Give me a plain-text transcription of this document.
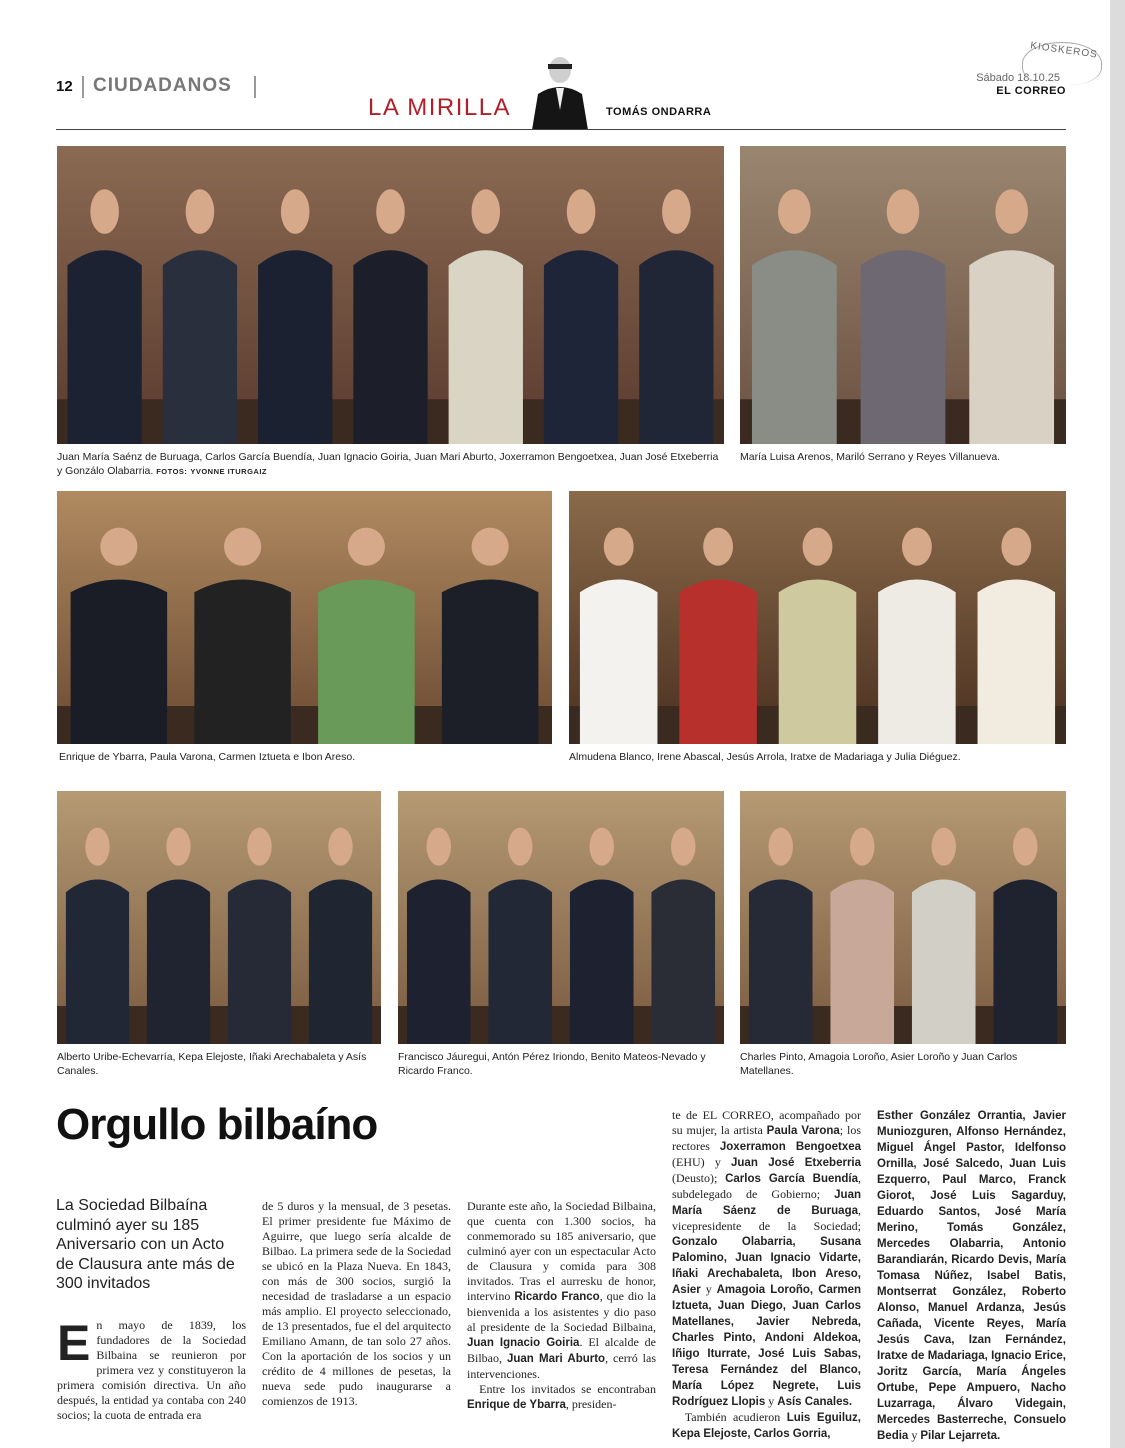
12 CIUDADANOS
LA MIRILLA	TOMÁS ONDARRA
Sábado 18.10.25
EL CORREO
KIOSKEROS
Juan María Saénz de Buruaga, Carlos García Buendía, Juan Ignacio Goiria, Juan Mari Aburto, Joxerramon Bengoetxea, Juan José Etxeberria y Gonzálo Olabarria. FOTOS: YVONNE ITURGAIZ
María Luisa Arenos, Mariló Serrano y Reyes Villanueva.
Enrique de Ybarra, Paula Varona, Carmen Iztueta e Ibon Areso.	Almudena Blanco, Irene Abascal, Jesús Arrola, Iratxe de Madariaga y Julia Diéguez.
Alberto Uribe-Echevarría, Kepa Elejoste, Iñaki Arechabaleta y Asís Canales.
Francisco Jáuregui, Antón Pérez Iriondo, Benito Mateos-Nevado y Ricardo Franco.
Charles Pinto, Amagoia Loroño, Asier Loroño y Juan Carlos Matellanes.
Orgullo bilbaíno
La Sociedad Bilbaína culminó ayer su 185 Aniversario con un Acto de Clausura ante más de 300 invitados
En mayo de 1839, los fundadores de la Sociedad Bilbaina se reunieron por primera vez y constituyeron la primera comisión directiva. Un año después, la entidad ya contaba con 240 socios; la cuota de entrada era
de 5 duros y la mensual, de 3 pesetas. El primer presidente fue Máximo de Aguirre, que luego sería alcalde de Bilbao. La primera sede de la Sociedad se ubicó en la Plaza Nueva. En 1843, con más de 300 socios, surgió la necesidad de trasladarse a un espacio más amplio. El proyecto seleccionado, de 13 presentados, fue el del arquitecto Emiliano Amann, de tan solo 27 años. Con la aportación de los socios y un crédito de 4 millones de pesetas, la nueva sede pudo inaugurarse a comienzos de 1913.
Durante este año, la Sociedad Bilbaina, que cuenta con 1.300 socios, ha conmemorado su 185 aniversario, que culminó ayer con un espectacular Acto de Clausura y comida para 308 invitados. Tras el aurresku de honor, intervino Ricardo Franco, que dio la bienvenida a los asistentes y dio paso al presidente de la Sociedad Bilbaina, Juan Ignacio Goiria. El alcalde de Bilbao, Juan Mari Aburto, cerró las intervenciones.
Entre los invitados se encontraban Enrique de Ybarra, presiden-
te de EL CORREO, acompañado por su mujer, la artista Paula Varona; los rectores Joxerramon Bengoetxea (EHU) y Juan José Etxeberria (Deusto); Carlos García Buendía, subdelegado de Gobierno; Juan María Sáenz de Buruaga, vicepresidente de la Sociedad; Gonzalo Olabarria, Susana Palomino, Juan Ignacio Vidarte, Iñaki Arechabaleta, Ibon Areso, Asier y Amagoia Loroño, Carmen Iztueta, Juan Diego, Juan Carlos Matellanes, Javier Nebreda, Charles Pinto, Andoni Aldekoa, Iñigo Iturrate, José Luis Sabas, Teresa Fernández del Blanco, María López Negrete, Luis Rodríguez Llopis y Asís Canales.
También acudieron Luis Eguiluz, Kepa Elejoste, Carlos Gorria,
Esther González Orrantia, Javier Muniozguren, Alfonso Hernández, Miguel Ángel Pastor, Idelfonso Ornilla, José Salcedo, Juan Luis Ezquerro, Paul Marco, Franck Giorot, José Luis Sagarduy, Eduardo Santos, José María Merino, Tomás González, Mercedes Olabarria, Antonio Barandiarán, Ricardo Devis, María Tomasa Núñez, Isabel Batis, Montserrat González, Roberto Alonso, Manuel Ardanza, Jesús Cañada, Vicente Reyes, María Jesús Cava, Izan Fernández, Iratxe de Madariaga, Ignacio Erice, Joritz García, María Ángeles Ortube, Pepe Ampuero, Nacho Luzarraga, Álvaro Videgain, Mercedes Basterreche, Consuelo Bedia y Pilar Lejarreta.
